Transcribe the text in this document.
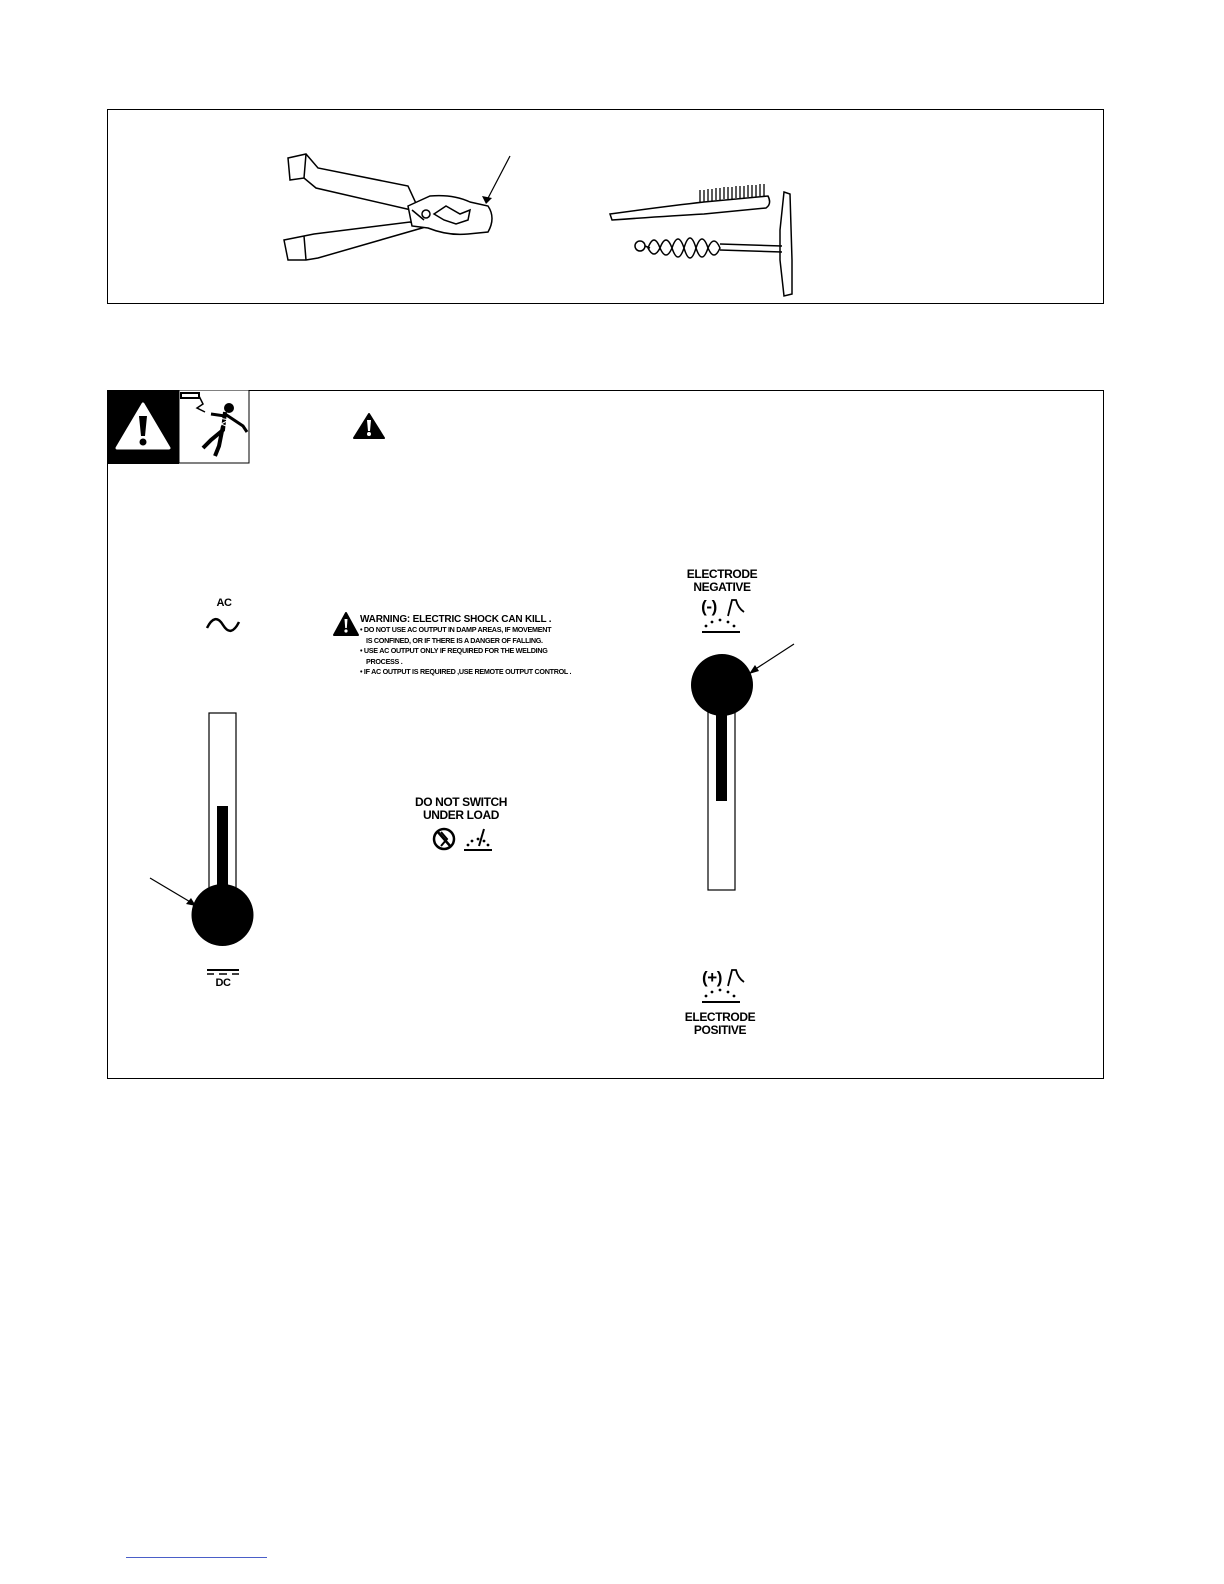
AC
DC
WARNING: ELECTRIC SHOCK CAN KILL .
• DO NOT USE AC OUTPUT IN DAMP AREAS, IF MOVEMENT
IS CONFINED, OR IF THERE IS A DANGER OF FALLING.
• USE AC OUTPUT ONLY IF REQUIRED FOR THE WELDING
PROCESS .
• IF AC OUTPUT IS REQUIRED ,USE REMOTE OUTPUT CONTROL .
DO NOT SWITCH
UNDER LOAD
ELECTRODE
NEGATIVE
(-)
(+)
ELECTRODE
POSITIVE
